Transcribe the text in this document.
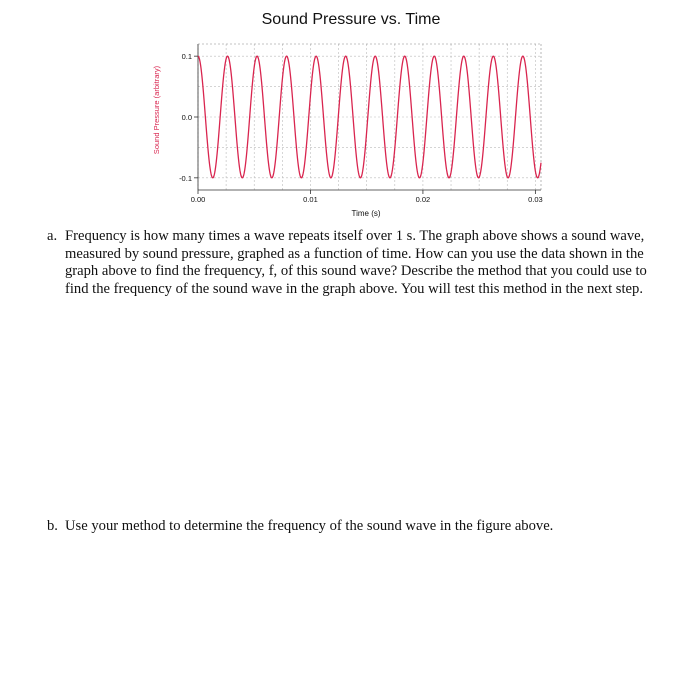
Sound Pressure vs. Time
0.00	0.01	0.02	0.03
0.1
0.0
-0.1
Time (s)
Sound Pressure (arbitrary)
a. Frequency is how many times a wave repeats itself over 1 s. The graph above shows a sound wave, measured by sound pressure, graphed as a function of time. How can you use the data shown in the graph above to find the frequency, f, of this sound wave? Describe the method that you could use to find the frequency of the sound wave in the graph above. You will test this method in the next step.
b. Use your method to determine the frequency of the sound wave in the figure above.
